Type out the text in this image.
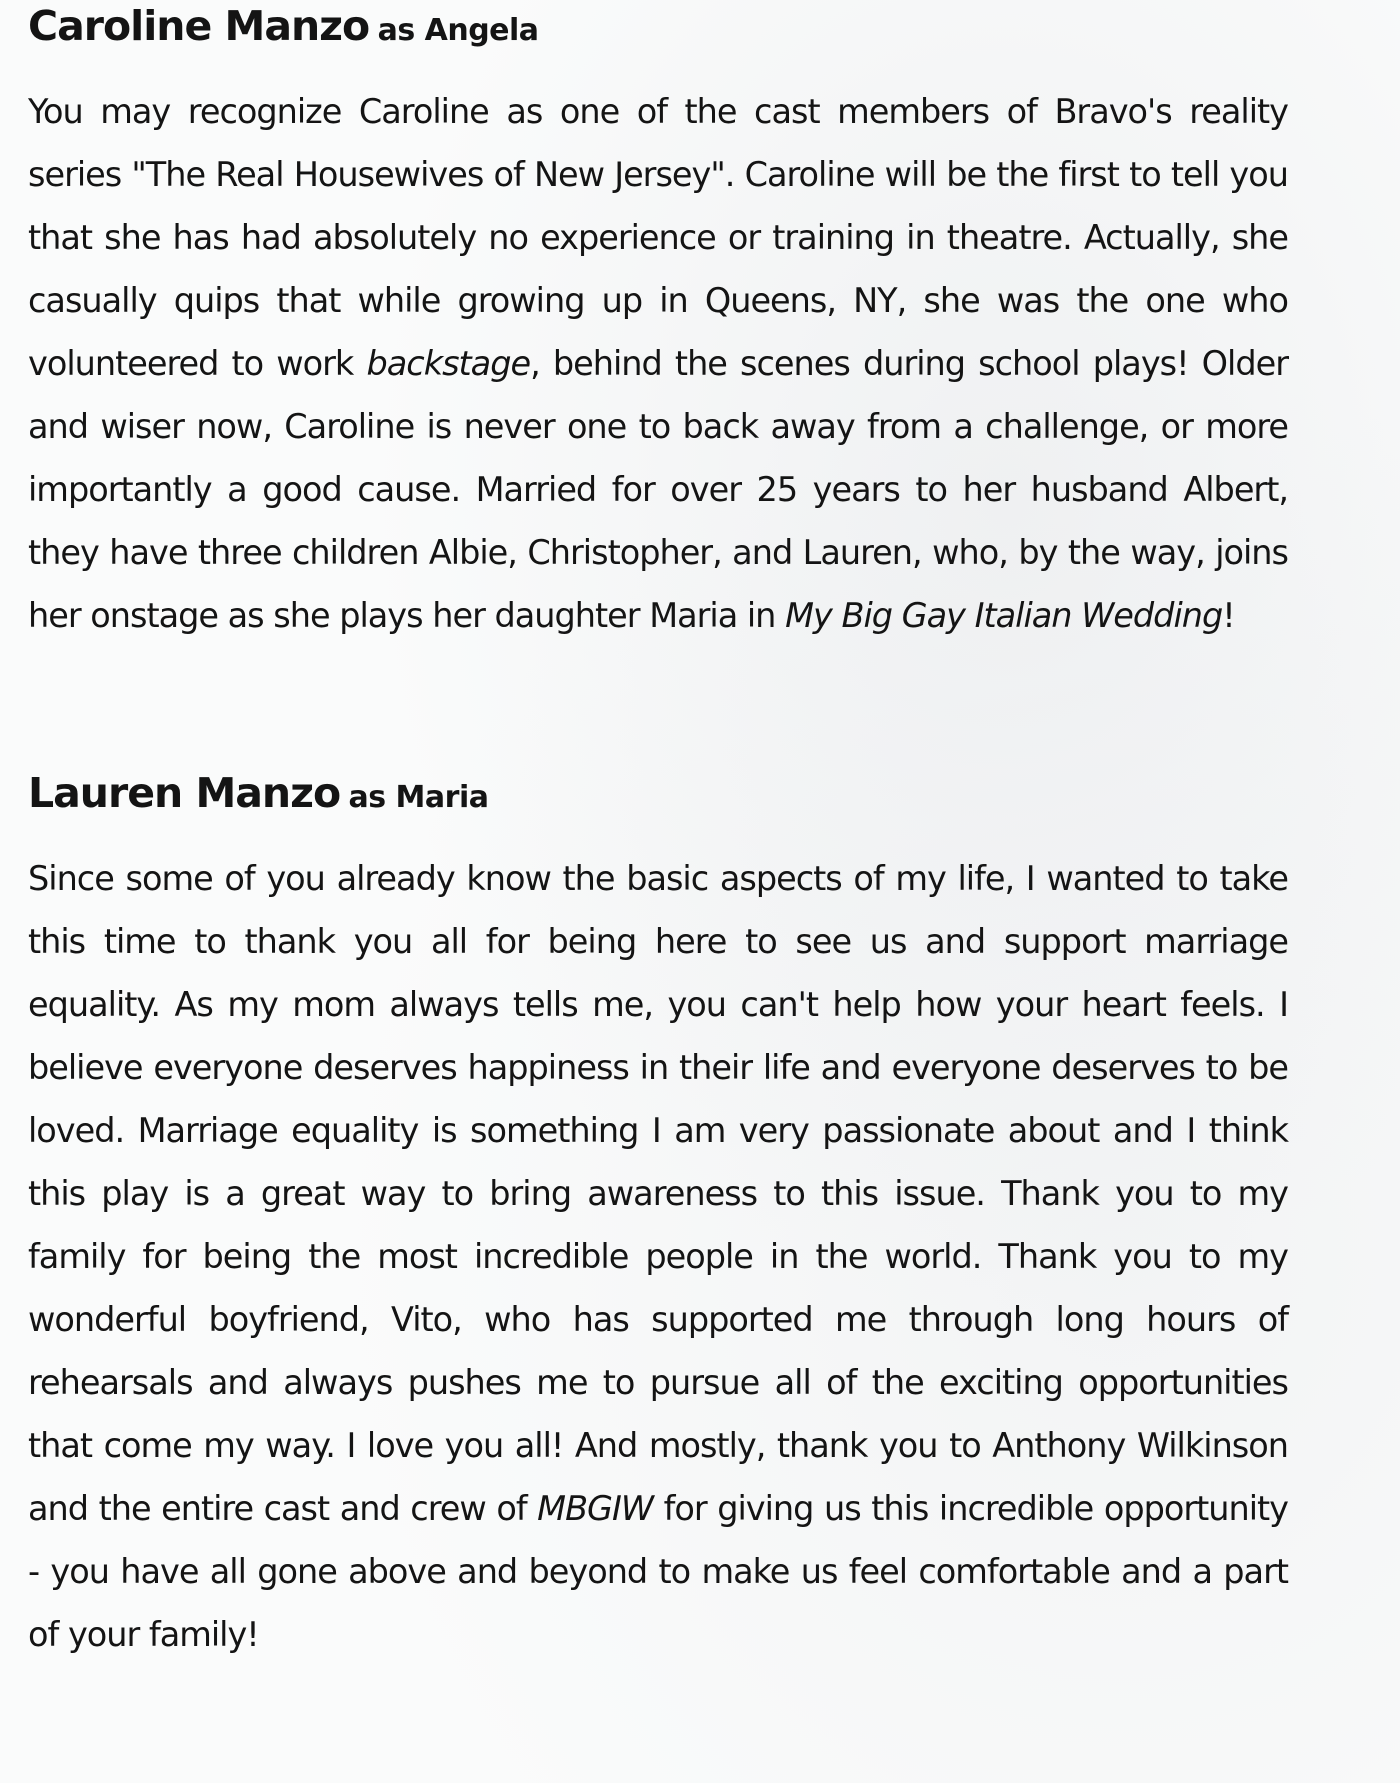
Caroline Manzo as Angela

You may recognize Caroline as one of the cast members of Bravo's reality series "The Real Housewives of New Jersey". Caroline will be the first to tell you that she has had absolutely no experience or training in theatre. Actually, she casually quips that while growing up in Queens, NY, she was the one who volunteered to work backstage, behind the scenes during school plays! Older and wiser now, Caroline is never one to back away from a challenge, or more importantly a good cause. Married for over 25 years to her husband Albert, they have three children Albie, Christopher, and Lauren, who, by the way, joins her onstage as she plays her daughter Maria in My Big Gay Italian Wedding!

Lauren Manzo as Maria

Since some of you already know the basic aspects of my life, I wanted to take this time to thank you all for being here to see us and support marriage equality. As my mom always tells me, you can't help how your heart feels. I believe everyone deserves happiness in their life and everyone deserves to be loved. Marriage equality is something I am very passionate about and I think this play is a great way to bring awareness to this issue. Thank you to my family for being the most incredible people in the world. Thank you to my wonderful boyfriend, Vito, who has supported me through long hours of rehearsals and always pushes me to pursue all of the exciting opportunities that come my way. I love you all! And mostly, thank you to Anthony Wilkinson and the entire cast and crew of MBGIW for giving us this incredible opportunity - you have all gone above and beyond to make us feel comfortable and a part of your family!
